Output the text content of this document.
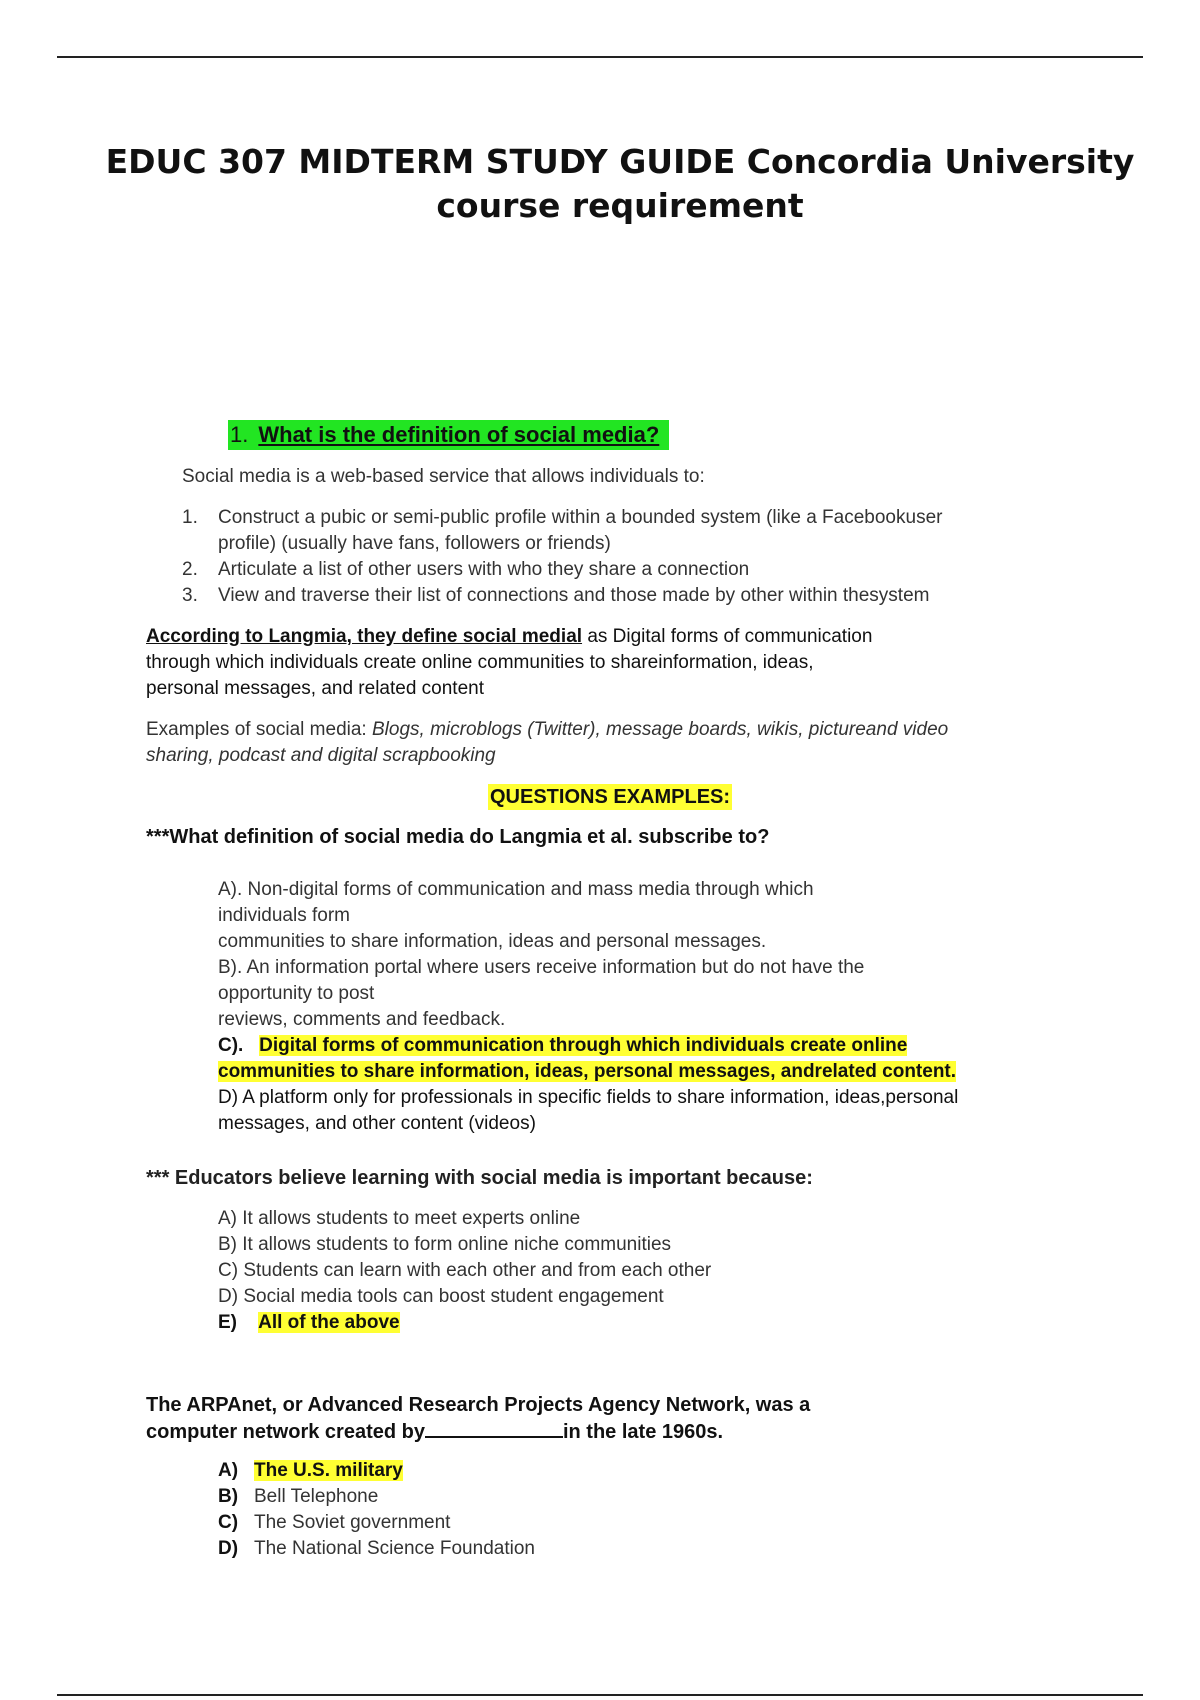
EDUC 307 MIDTERM STUDY GUIDE Concordia University
course requirement
1. What is the definition of social media?
Social media is a web-based service that allows individuals to:
1. Construct a pubic or semi-public profile within a bounded system (like a Facebookuser
profile) (usually have fans, followers or friends)
2. Articulate a list of other users with who they share a connection
3. View and traverse their list of connections and those made by other within thesystem
According to Langmia, they define social medial as Digital forms of communication
through which individuals create online communities to shareinformation, ideas,
personal messages, and related content
Examples of social media: Blogs, microblogs (Twitter), message boards, wikis, pictureand video
sharing, podcast and digital scrapbooking
QUESTIONS EXAMPLES:
***What definition of social media do Langmia et al. subscribe to?
A). Non-digital forms of communication and mass media through which
individuals form
communities to share information, ideas and personal messages.
B). An information portal where users receive information but do not have the
opportunity to post
reviews, comments and feedback.
C). Digital forms of communication through which individuals create online
communities to share information, ideas, personal messages, andrelated content.
D) A platform only for professionals in specific fields to share information, ideas,personal
messages, and other content (videos)
*** Educators believe learning with social media is important because:
A) It allows students to meet experts online
B) It allows students to form online niche communities
C) Students can learn with each other and from each other
D) Social media tools can boost student engagement
E) All of the above
The ARPAnet, or Advanced Research Projects Agency Network, was a
computer network created by	in the late 1960s.
A) The U.S. military
B) Bell Telephone
C) The Soviet government
D) The National Science Foundation
